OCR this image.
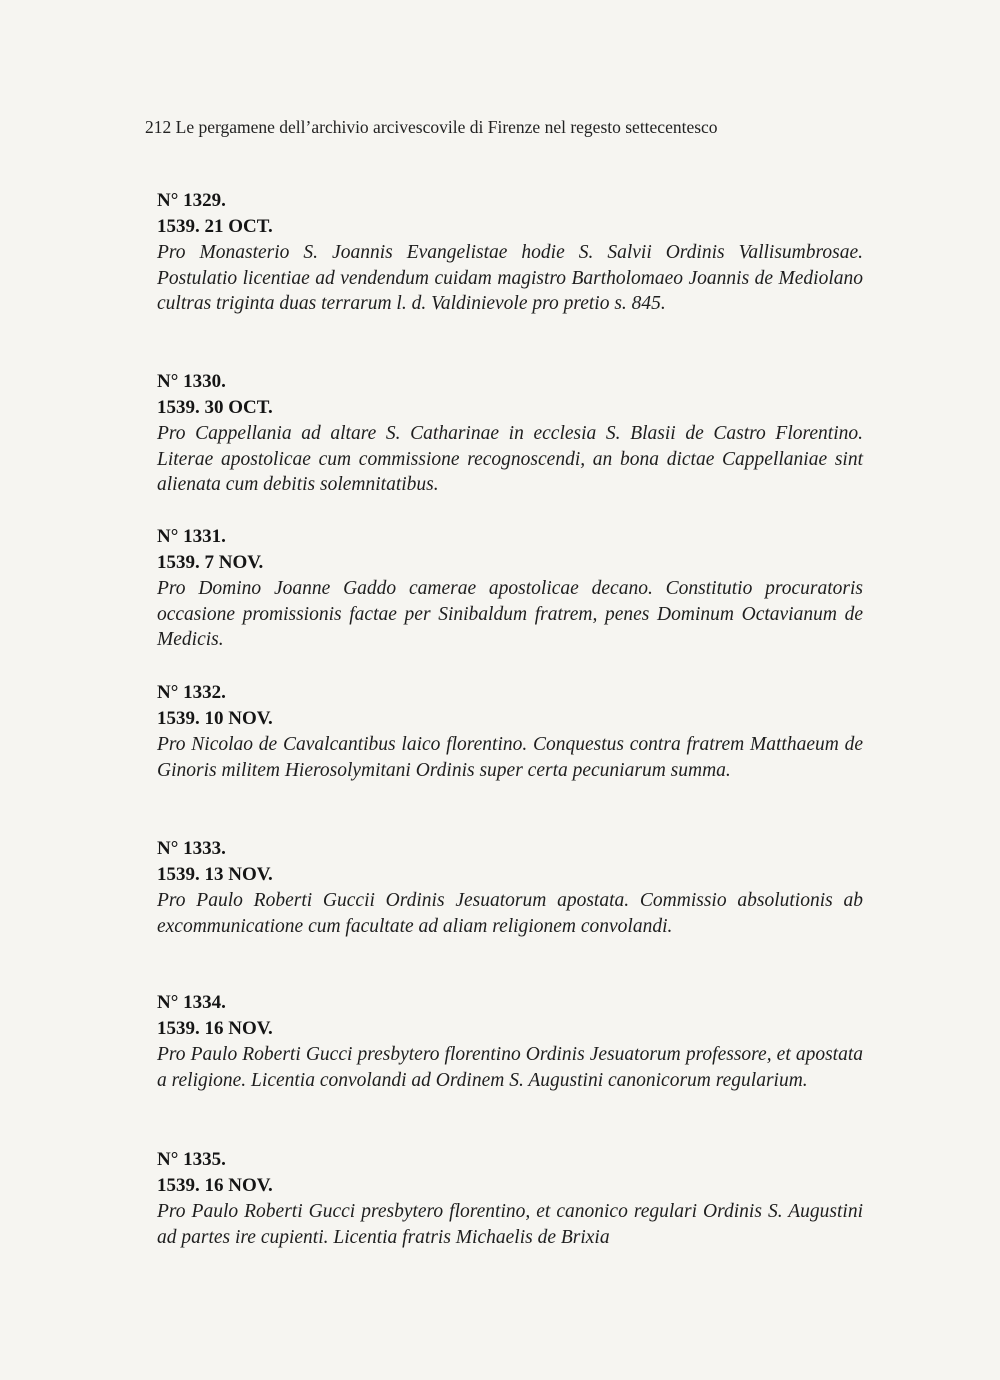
212 Le pergamene dell’archivio arcivescovile di Firenze nel regesto settecentesco

N° 1329.

1539. 21 OCT.

Pro Monasterio S. Joannis Evangelistae hodie S. Salvii Ordinis Vallisumbrosae. Postulatio licentiae ad vendendum cuidam magistro Bartholomaeo Joannis de Mediolano cultras triginta duas terrarum l. d. Valdinievole pro pretio s. 845.

N° 1330.

1539. 30 OCT.

Pro Cappellania ad altare S. Catharinae in ecclesia S. Blasii de Castro Florentino. Literae apostolicae cum commissione recognoscendi, an bona dictae Cappellaniae sint alienata cum debitis solemnitatibus.

N° 1331.

1539. 7 NOV.

Pro Domino Joanne Gaddo camerae apostolicae decano. Constitutio procuratoris occasione promissionis factae per Sinibaldum fratrem, penes Dominum Octavianum de Medicis.

N° 1332.

1539. 10 NOV.

Pro Nicolao de Cavalcantibus laico florentino. Conquestus contra fratrem Matthaeum de Ginoris militem Hierosolymitani Ordinis super certa pecuniarum summa.

N° 1333.

1539. 13 NOV.

Pro Paulo Roberti Guccii Ordinis Jesuatorum apostata. Commissio absolutionis ab excommunicatione cum facultate ad aliam religionem convolandi.

N° 1334.

1539. 16 NOV.

Pro Paulo Roberti Gucci presbytero florentino Ordinis Jesuatorum professore, et apostata a religione. Licentia convolandi ad Ordinem S. Augustini canonicorum regularium.

N° 1335.

1539. 16 NOV.

Pro Paulo Roberti Gucci presbytero florentino, et canonico regulari Ordinis S. Augustini ad partes ire cupienti. Licentia fratris Michaelis de Brixia
